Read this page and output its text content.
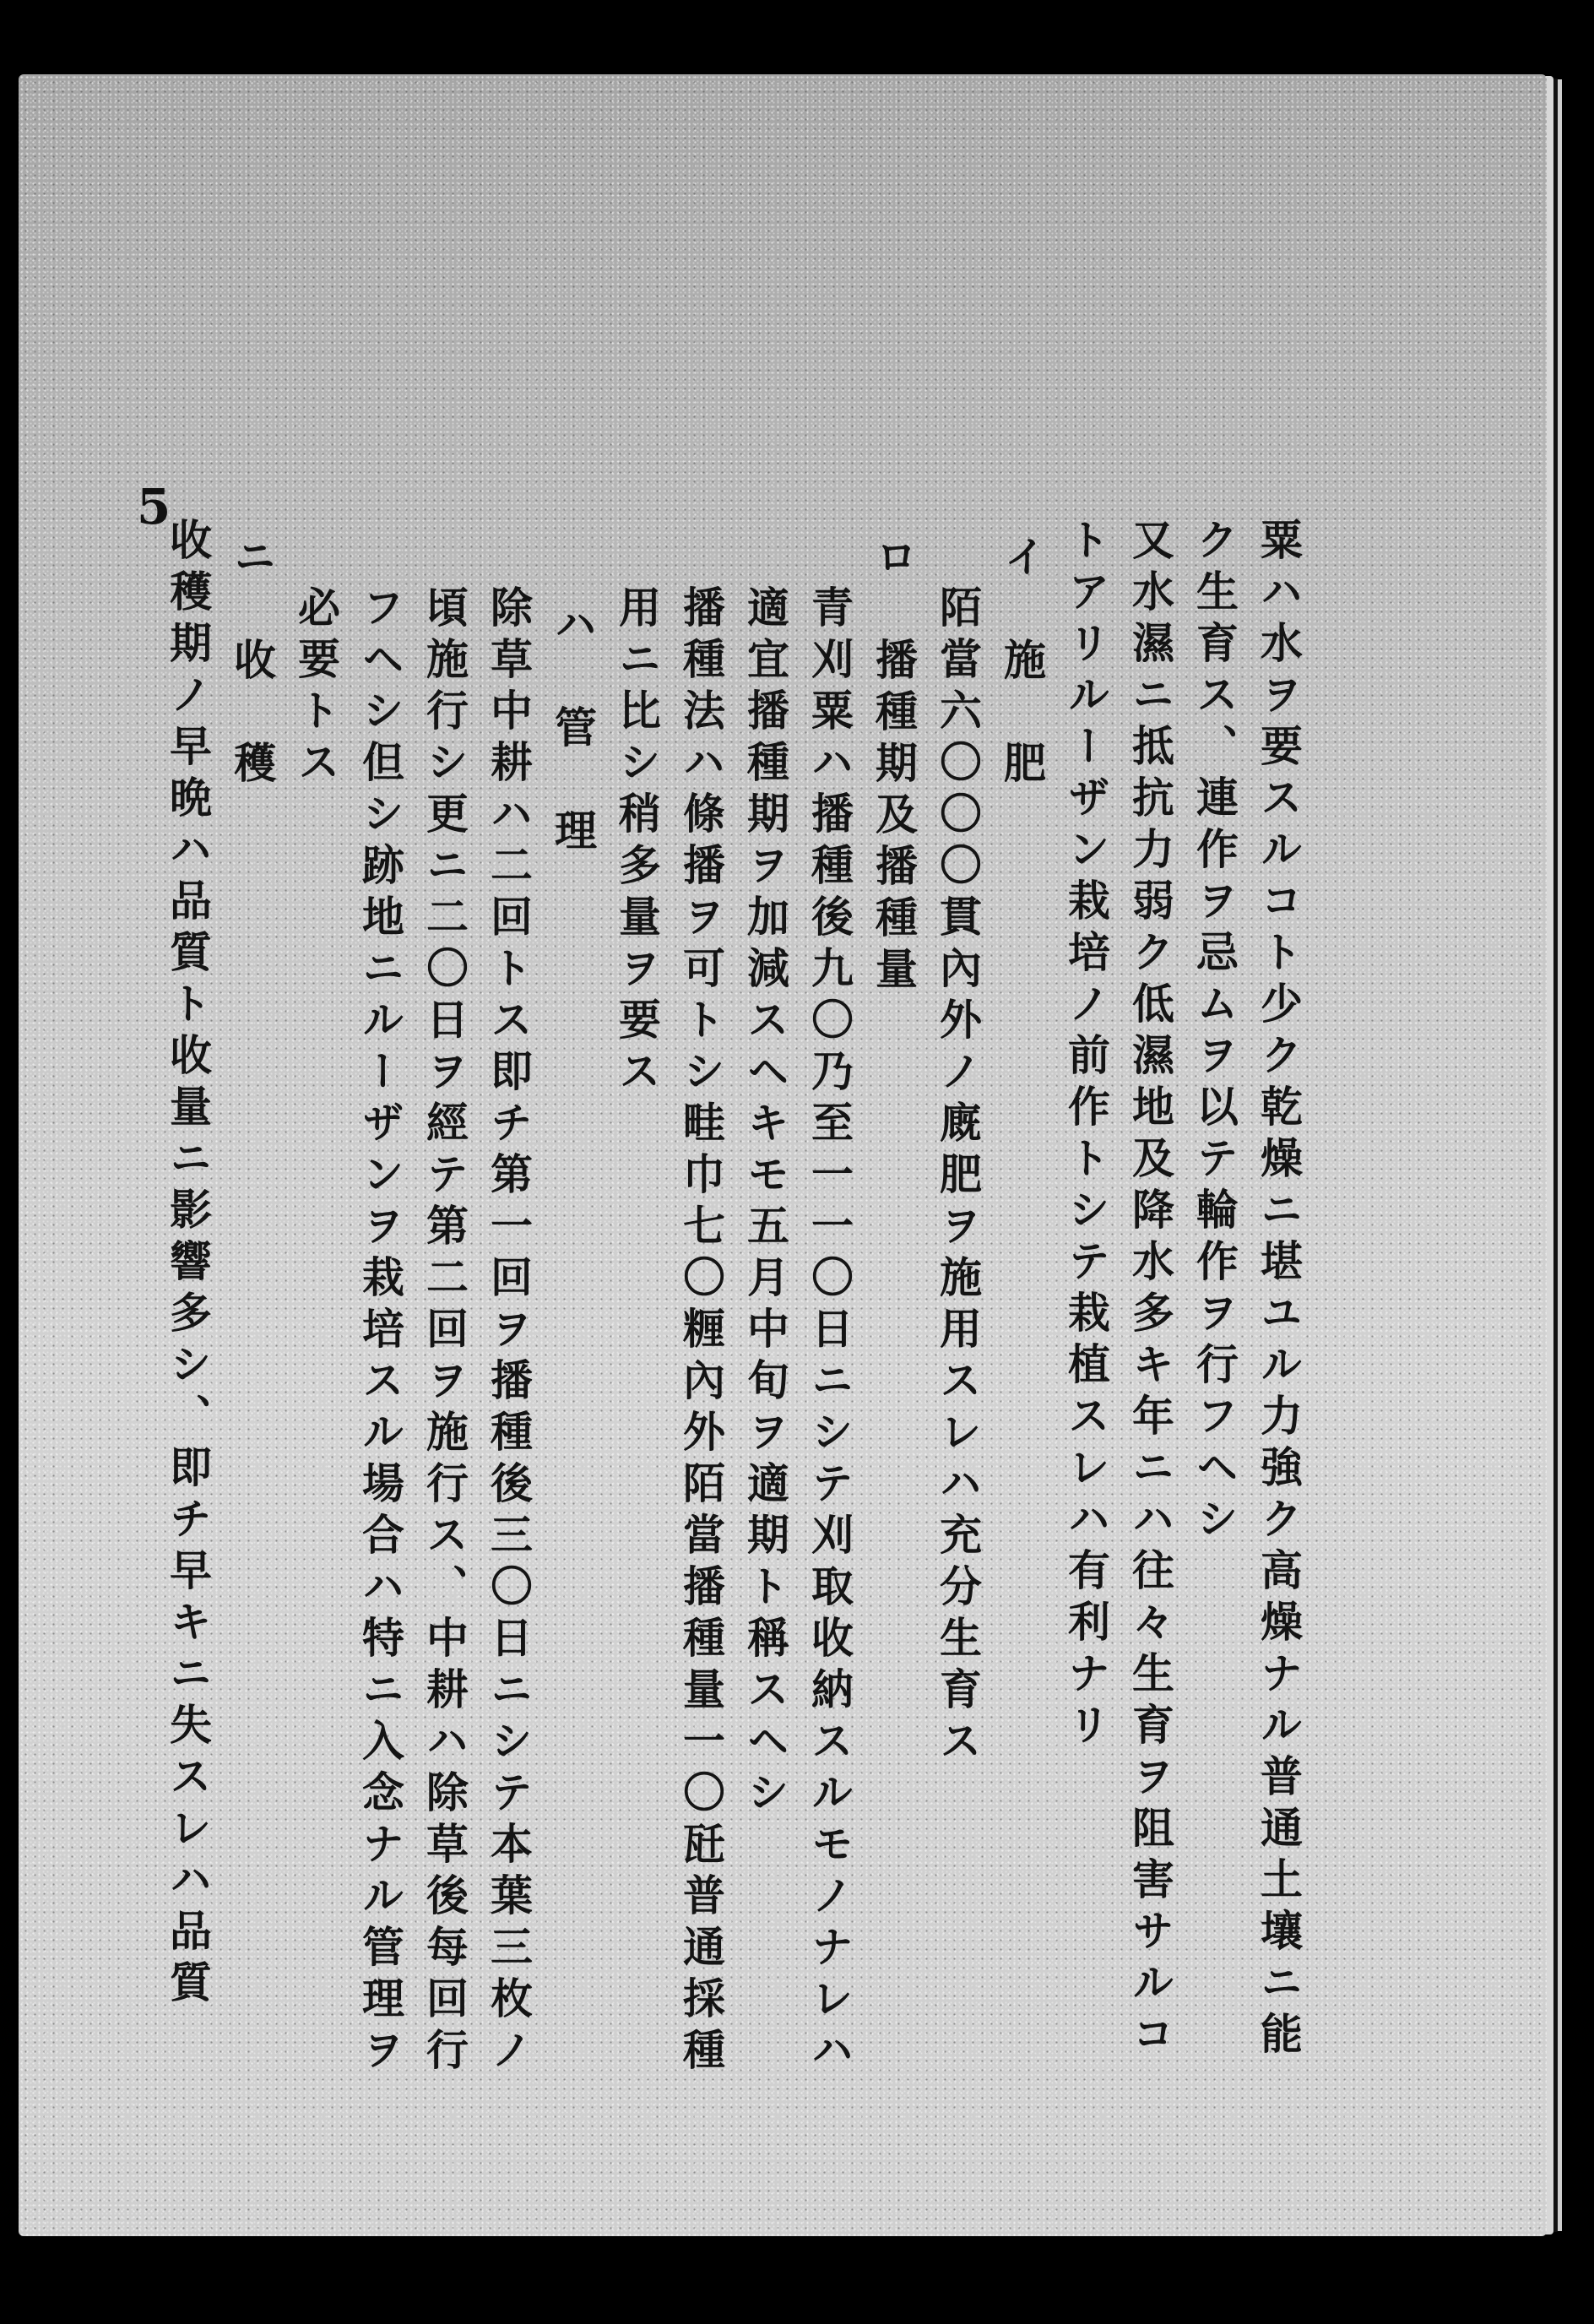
5
粟ハ水ヲ要スルコト少ク乾燥ニ堪ユル力強ク高燥ナル普通土壤ニ能
ク生育ス、連作ヲ忌ムヲ以テ輪作ヲ行フヘシ
又水濕ニ抵抗力弱ク低濕地及降水多キ年ニハ往々生育ヲ阻害サルコ
トアリルーザン栽培ノ前作トシテ栽植スレハ有利ナリ
イ　施　肥
陌當六〇〇〇貫內外ノ廐肥ヲ施用スレハ充分生育ス
ロ　播種期及播種量
青刈粟ハ播種後九〇乃至一一〇日ニシテ刈取收納スルモノナレハ
適宜播種期ヲ加減スヘキモ五月中旬ヲ適期ト稱スヘシ
播種法ハ條播ヲ可トシ畦巾七〇糎內外陌當播種量一〇瓩普通採種
用ニ比シ稍多量ヲ要ス
ハ　管　理
除草中耕ハ二回トス即チ第一回ヲ播種後三〇日ニシテ本葉三枚ノ
頃施行シ更ニ二〇日ヲ經テ第二回ヲ施行ス、中耕ハ除草後每回行
フヘシ但シ跡地ニルーザンヲ栽培スル場合ハ特ニ入念ナル管理ヲ
必要トス
ニ　收　穫
收穫期ノ早晩ハ品質ト收量ニ影響多シ、即チ早キニ失スレハ品質
